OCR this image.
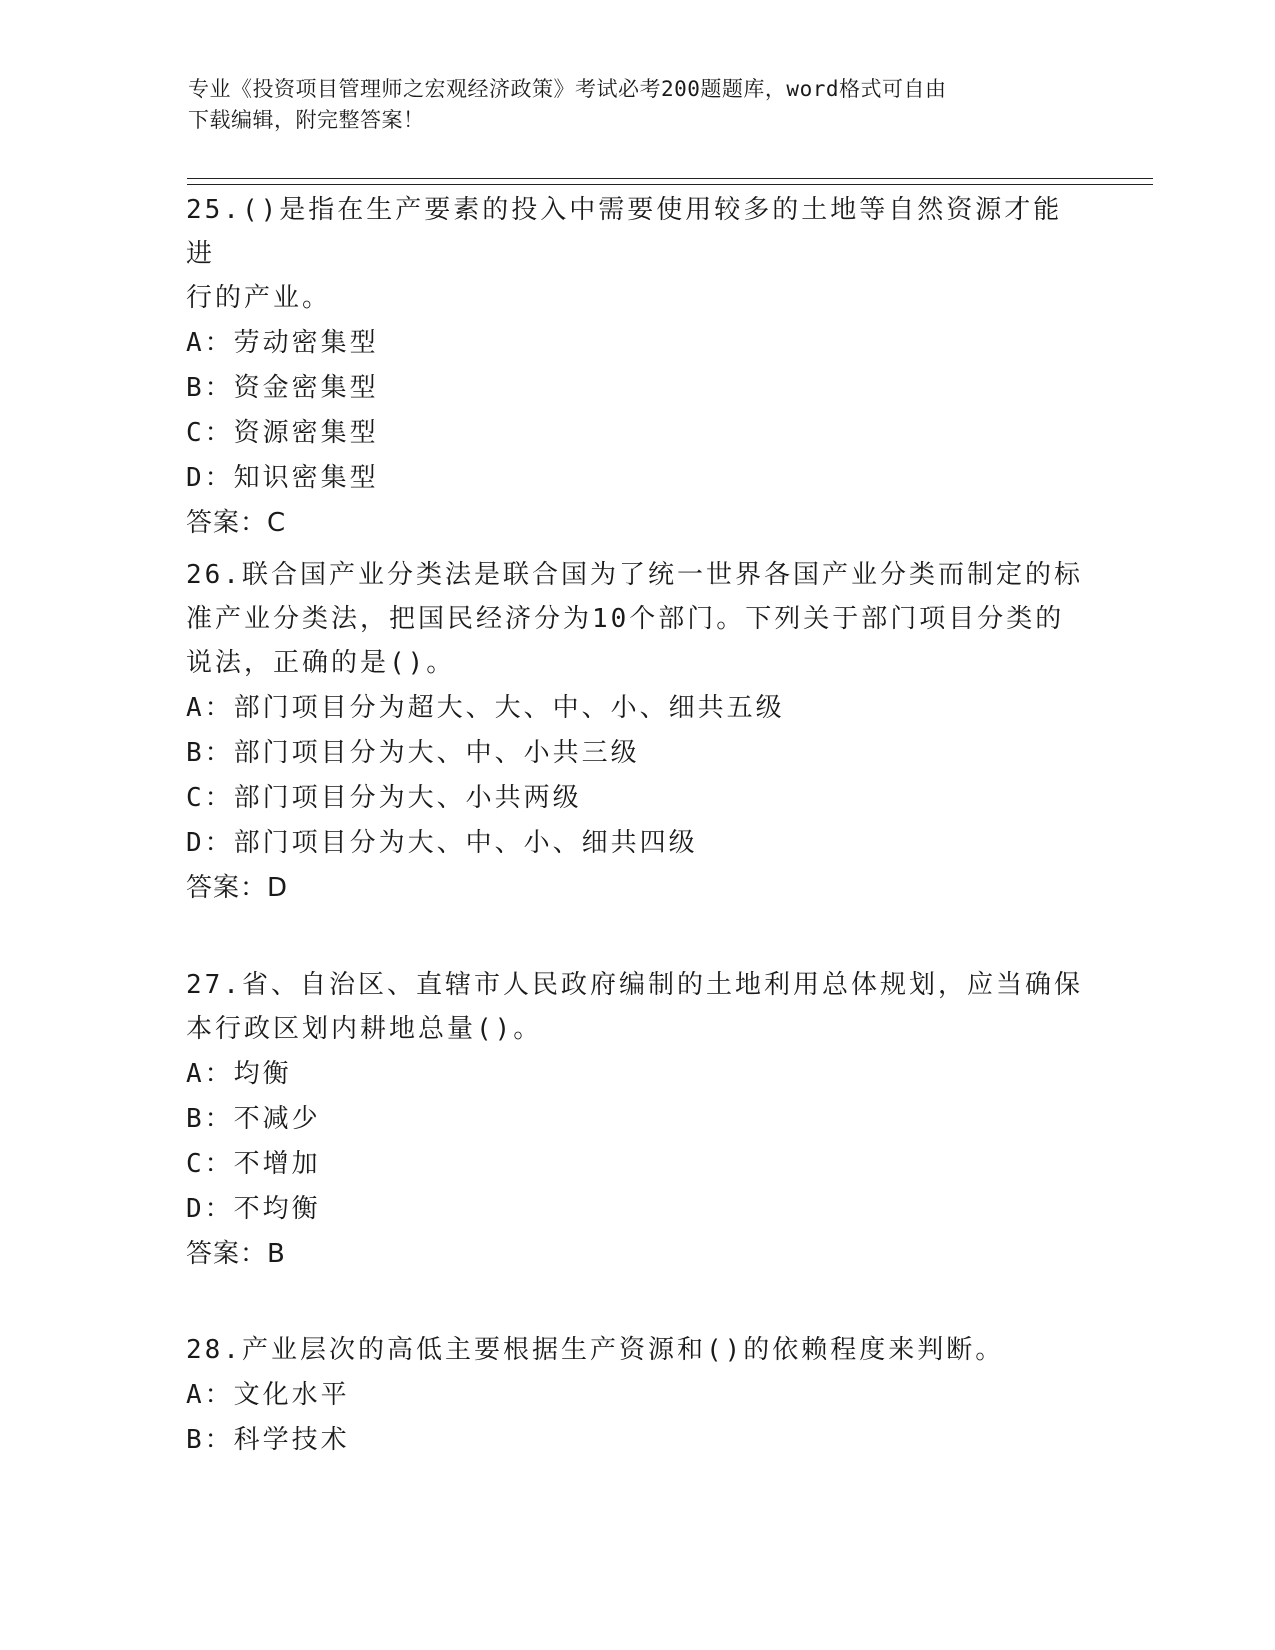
专业《投资项目管理师之宏观经济政策》考试必考200题题库，word格式可自由
下载编辑，附完整答案！
25.()是指在生产要素的投入中需要使用较多的土地等自然资源才能进
行的产业。
A：劳动密集型
B：资金密集型
C：资源密集型
D：知识密集型
答案：C
26.联合国产业分类法是联合国为了统一世界各国产业分类而制定的标
准产业分类法，把国民经济分为10个部门。下列关于部门项目分类的
说法，正确的是()。
A：部门项目分为超大、大、中、小、细共五级
B：部门项目分为大、中、小共三级
C：部门项目分为大、小共两级
D：部门项目分为大、中、小、细共四级
答案：D
27.省、自治区、直辖市人民政府编制的土地利用总体规划，应当确保
本行政区划内耕地总量()。
A：均衡
B：不减少
C：不增加
D：不均衡
答案：B
28.产业层次的高低主要根据生产资源和()的依赖程度来判断。
A：文化水平
B：科学技术
